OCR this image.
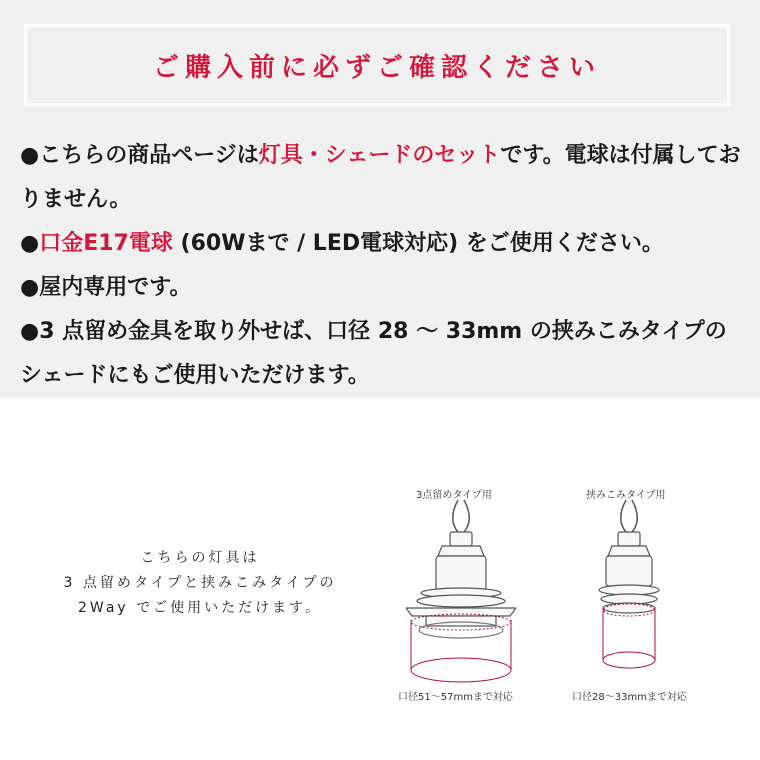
ご購入前に必ずご確認ください

●こちらの商品ページは灯具・シェードのセットです。電球は付属しておりません。

●口金E17電球 (60Wまで / LED電球対応) をご使用ください。

●屋内専用です。

●3 点留め金具を取り外せば、口径 28 〜 33mm の挟みこみタイプのシェードにもご使用いただけます。

こちらの灯具は
3 点留めタイプと挟みこみタイプの
2Way でご使用いただけます。
3点留めタイプ用	挟みこみタイプ用
口径51〜57mmまで対応	口径28〜33mmまで対応
